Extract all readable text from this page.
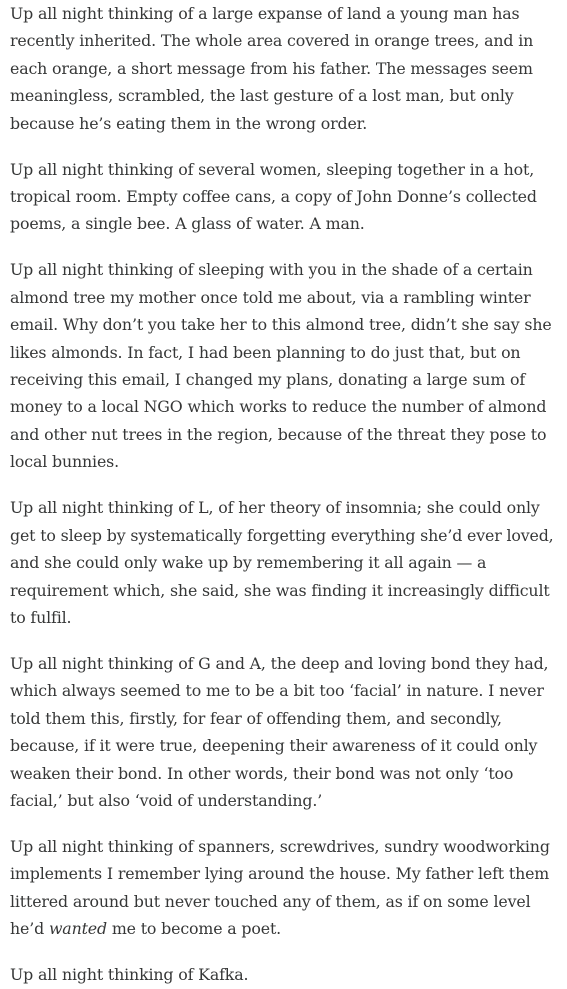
Up all night thinking of a large expanse of land a young man has recently inherited. The whole area covered in orange trees, and in each orange, a short message from his father. The messages seem meaningless, scrambled, the last gesture of a lost man, but only because he’s eating them in the wrong order.

Up all night thinking of several women, sleeping together in a hot, tropical room. Empty coffee cans, a copy of John Donne’s collected poems, a single bee. A glass of water. A man.

Up all night thinking of sleeping with you in the shade of a certain almond tree my mother once told me about, via a rambling winter email. Why don’t you take her to this almond tree, didn’t she say she likes almonds. In fact, I had been planning to do just that, but on receiving this email, I changed my plans, donating a large sum of money to a local NGO which works to reduce the number of almond and other nut trees in the region, because of the threat they pose to local bunnies.

Up all night thinking of L, of her theory of insomnia; she could only get to sleep by systematically forgetting everything she’d ever loved, and she could only wake up by remembering it all again — a requirement which, she said, she was finding it increasingly difficult to fulfil.

Up all night thinking of G and A, the deep and loving bond they had, which always seemed to me to be a bit too ‘facial’ in nature. I never told them this, firstly, for fear of offending them, and secondly, because, if it were true, deepening their awareness of it could only weaken their bond. In other words, their bond was not only ‘too facial,’ but also ‘void of understanding.’

Up all night thinking of spanners, screwdrives, sundry woodworking implements I remember lying around the house. My father left them littered around but never touched any of them, as if on some level he’d wanted me to become a poet.

Up all night thinking of Kafka.
